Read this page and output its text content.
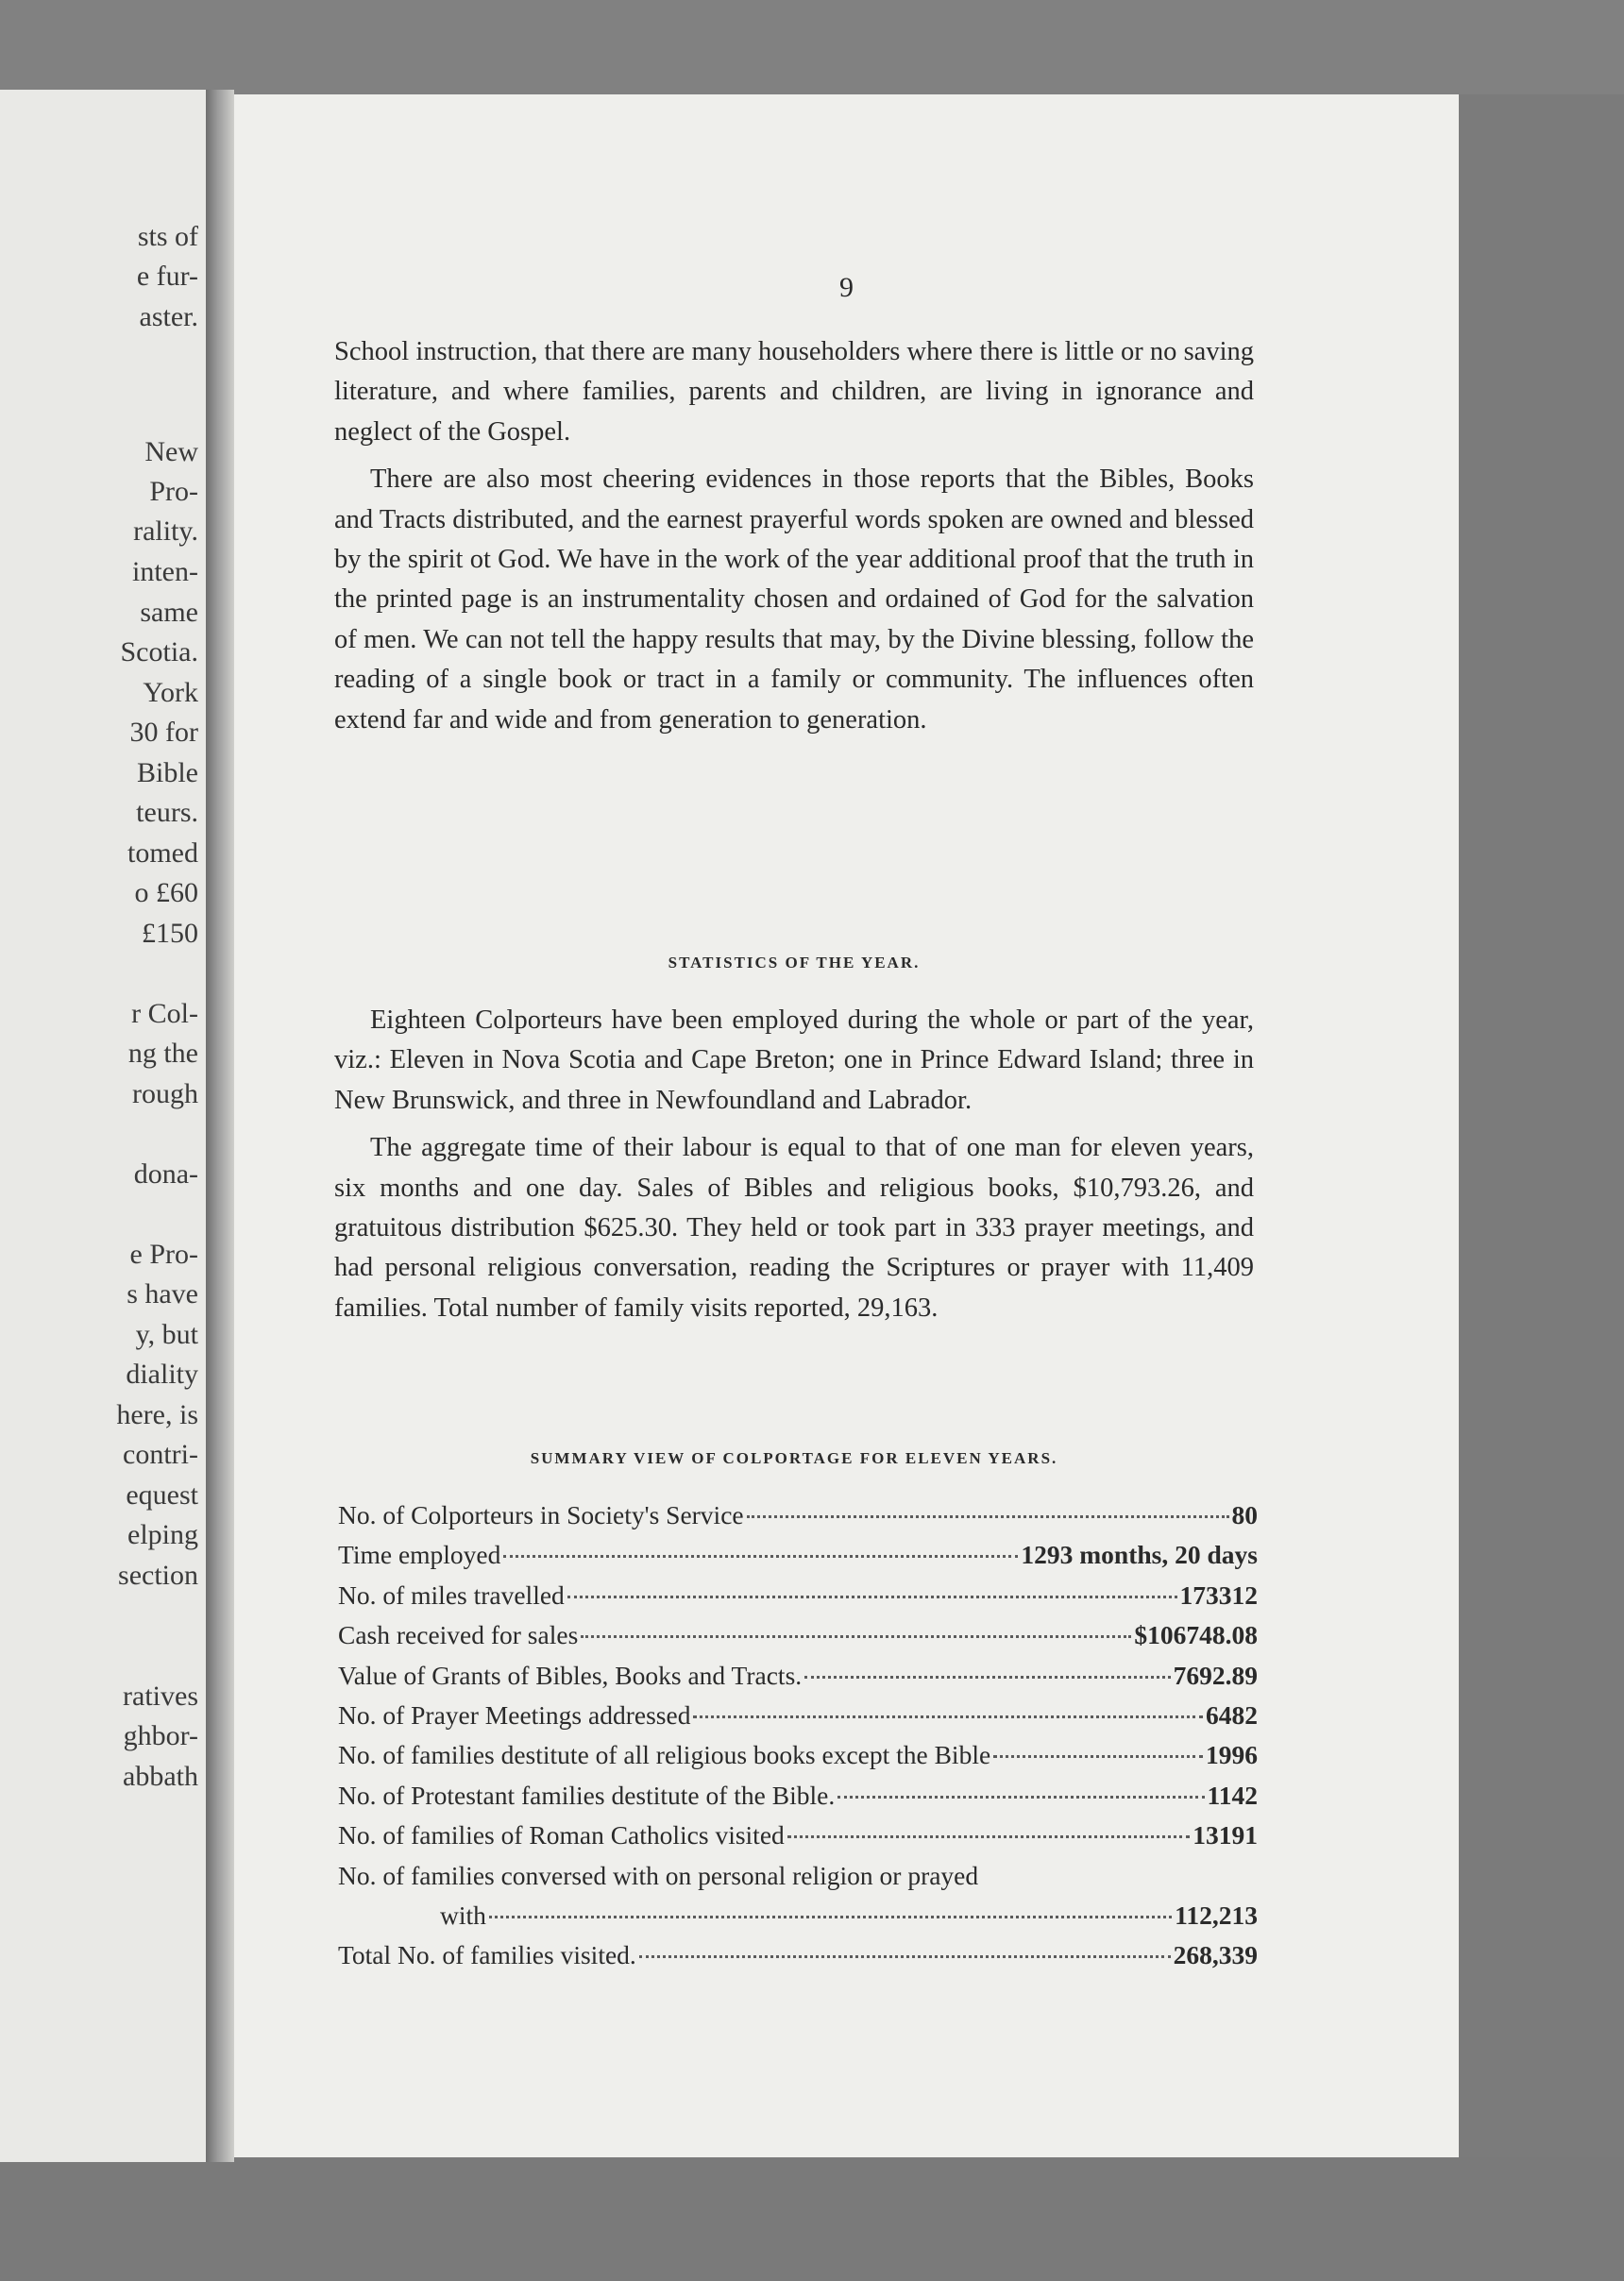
sts of
e fur-
aster.
New
Pro-
rality.
inten-
same
Scotia.
York
30 for
Bible
teurs.
tomed
o £60
£150
r Col-
ng the
rough
dona-
e Pro-
s have
y, but
diality
here, is
contri-
equest
elping
section
ratives
ghbor-
abbath
9

School instruction, that there are many householders where there is little or no saving literature, and where families, parents and children, are living in ignorance and neglect of the Gospel.

There are also most cheering evidences in those reports that the Bibles, Books and Tracts distributed, and the earnest prayerful words spoken are owned and blessed by the spirit ot God. We have in the work of the year additional proof that the truth in the printed page is an instrumentality chosen and ordained of God for the salvation of men. We can not tell the happy results that may, by the Divine blessing, follow the reading of a single book or tract in a family or community. The influences often extend far and wide and from generation to generation.

STATISTICS OF THE YEAR.

Eighteen Colporteurs have been employed during the whole or part of the year, viz.: Eleven in Nova Scotia and Cape Breton; one in Prince Edward Island; three in New Brunswick, and three in Newfoundland and Labrador.

The aggregate time of their labour is equal to that of one man for eleven years, six months and one day. Sales of Bibles and religious books, $10,793.26, and gratuitous distribution $625.30. They held or took part in 333 prayer meetings, and had personal religious conversation, reading the Scriptures or prayer with 11,409 families. Total number of family visits reported, 29,163.

SUMMARY VIEW OF COLPORTAGE FOR ELEVEN YEARS.
No. of Colporteurs in Society's Service	80
Time employed	1293 months, 20 days
No. of miles travelled	173312
Cash received for sales	$106748.08
Value of Grants of Bibles, Books and Tracts.	7692.89
No. of Prayer Meetings addressed	6482
No. of families destitute of all religious books except the Bible	1996
No. of Protestant families destitute of the Bible.	1142
No. of families of Roman Catholics visited	13191
No. of families conversed with on personal religion or prayed
with	112,213
Total No. of families visited.	268,339
